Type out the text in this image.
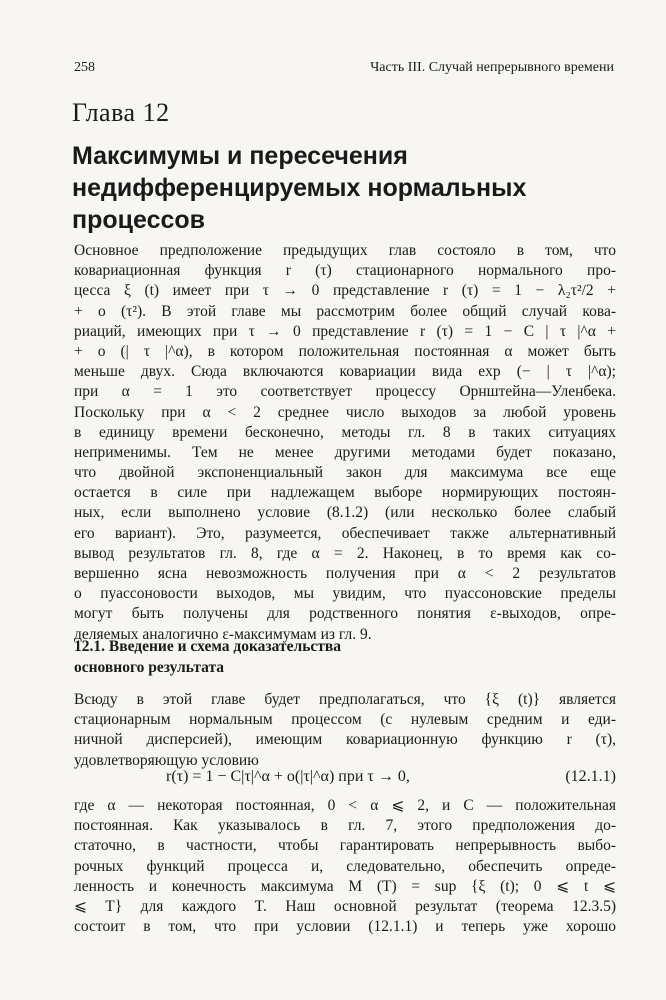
258	Часть III. Случай непрерывного времени
Глава 12
Максимумы и пересечения
недифференцируемых нормальных
процессов
Основное предположение предыдущих глав состояло в том, что
ковариационная функция r (τ) стационарного нормального про-
цесса ξ (t) имеет при τ → 0 представление r (τ) = 1 − λ₂τ²/2 +
+ o (τ²). В этой главе мы рассмотрим более общий случай кова-
риаций, имеющих при τ → 0 представление r (τ) = 1 − C | τ |^α +
+ o (| τ |^α), в котором положительная постоянная α может быть
меньше двух. Сюда включаются ковариации вида exp (− | τ |^α);
при α = 1 это соответствует процессу Орнштейна—Уленбека.
Поскольку при α < 2 среднее число выходов за любой уровень
в единицу времени бесконечно, методы гл. 8 в таких ситуациях
неприменимы. Тем не менее другими методами будет показано,
что двойной экспоненциальный закон для максимума все еще
остается в силе при надлежащем выборе нормирующих постоян-
ных, если выполнено условие (8.1.2) (или несколько более слабый
его вариант). Это, разумеется, обеспечивает также альтернативный
вывод результатов гл. 8, где α = 2. Наконец, в то время как со-
вершенно ясна невозможность получения при α < 2 результатов
о пуассоновости выходов, мы увидим, что пуассоновские пределы
могут быть получены для родственного понятия ε-выходов, опре-
деляемых аналогично ε-максимумам из гл. 9.
12.1. Введение и схема доказательства
основного результата
Всюду в этой главе будет предполагаться, что {ξ (t)} является
стационарным нормальным процессом (с нулевым средним и еди-
ничной дисперсией), имеющим ковариационную функцию r (τ),
удовлетворяющую условию
r(τ) = 1 − C|τ|^α + o(|τ|^α) при τ → 0,	(12.1.1)
где α — некоторая постоянная, 0 < α ⩽ 2, и C — положительная
постоянная. Как указывалось в гл. 7, этого предположения до-
статочно, в частности, чтобы гарантировать непрерывность выбо-
рочных функций процесса и, следовательно, обеспечить опреде-
ленность и конечность максимума M (T) = sup {ξ (t); 0 ⩽ t ⩽
⩽ T} для каждого T. Наш основной результат (теорема 12.3.5)
состоит в том, что при условии (12.1.1) и теперь уже хорошо
